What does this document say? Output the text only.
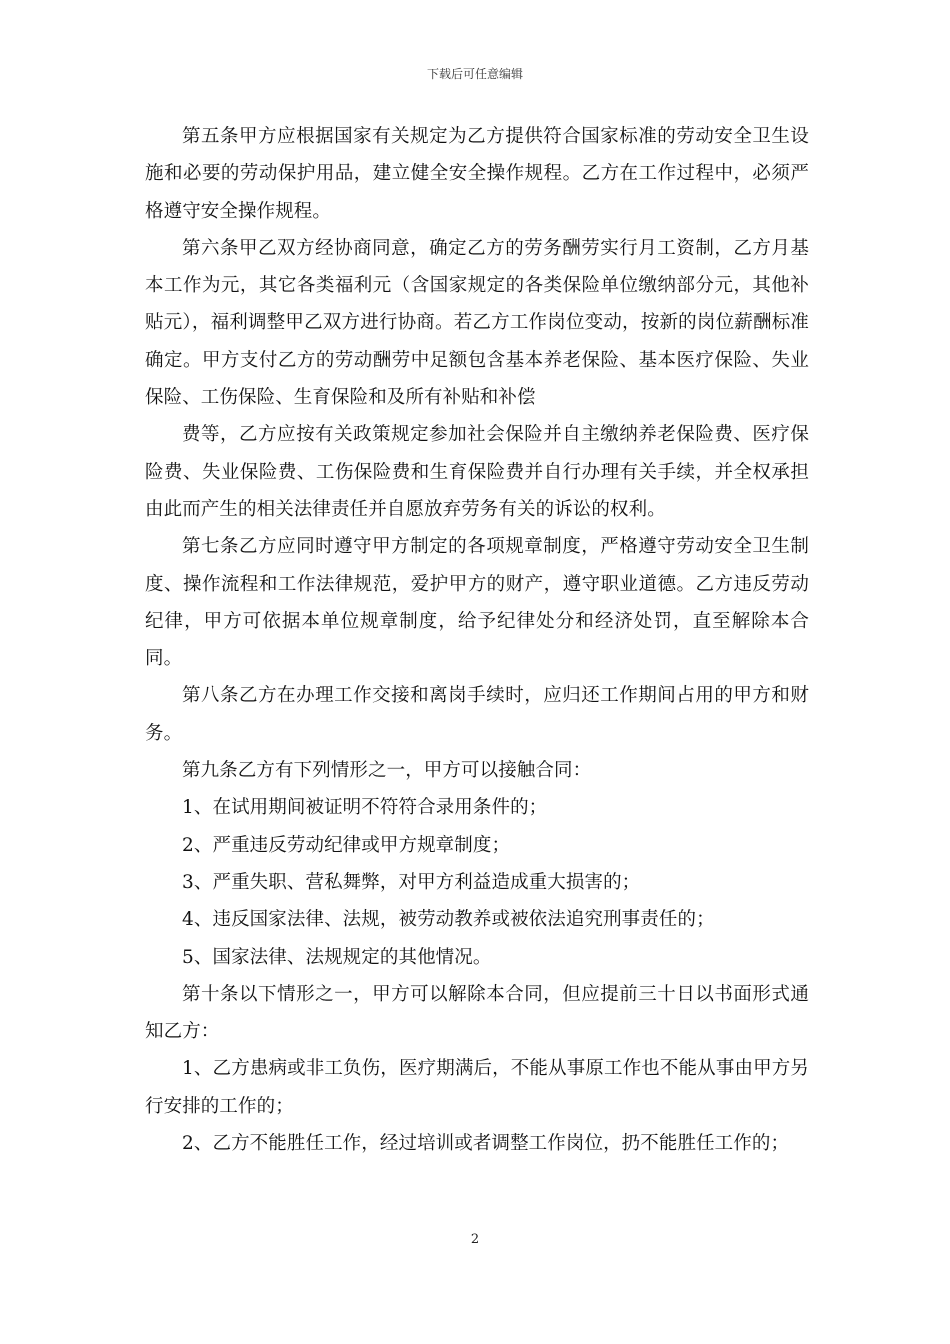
下载后可任意编辑

第五条甲方应根据国家有关规定为乙方提供符合国家标准的劳动安全卫生设施和必要的劳动保护用品，建立健全安全操作规程。乙方在工作过程中，必须严格遵守安全操作规程。

第六条甲乙双方经协商同意，确定乙方的劳务酬劳实行月工资制，乙方月基本工作为元，其它各类福利元（含国家规定的各类保险单位缴纳部分元，其他补贴元），福利调整甲乙双方进行协商。若乙方工作岗位变动，按新的岗位薪酬标准确定。甲方支付乙方的劳动酬劳中足额包含基本养老保险、基本医疗保险、失业保险、工伤保险、生育保险和及所有补贴和补偿

费等，乙方应按有关政策规定参加社会保险并自主缴纳养老保险费、医疗保险费、失业保险费、工伤保险费和生育保险费并自行办理有关手续，并全权承担由此而产生的相关法律责任并自愿放弃劳务有关的诉讼的权利。

第七条乙方应同时遵守甲方制定的各项规章制度，严格遵守劳动安全卫生制度、操作流程和工作法律规范，爱护甲方的财产，遵守职业道德。乙方违反劳动纪律，甲方可依据本单位规章制度，给予纪律处分和经济处罚，直至解除本合同。

第八条乙方在办理工作交接和离岗手续时，应归还工作期间占用的甲方和财务。

第九条乙方有下列情形之一，甲方可以接触合同：

1、在试用期间被证明不符符合录用条件的；

2、严重违反劳动纪律或甲方规章制度；

3、严重失职、营私舞弊，对甲方利益造成重大损害的；

4、违反国家法律、法规，被劳动教养或被依法追究刑事责任的；

5、国家法律、法规规定的其他情况。

第十条以下情形之一，甲方可以解除本合同，但应提前三十日以书面形式通知乙方：

1、乙方患病或非工负伤，医疗期满后，不能从事原工作也不能从事由甲方另行安排的工作的；

2、乙方不能胜任工作，经过培训或者调整工作岗位，扔不能胜任工作的；

2
